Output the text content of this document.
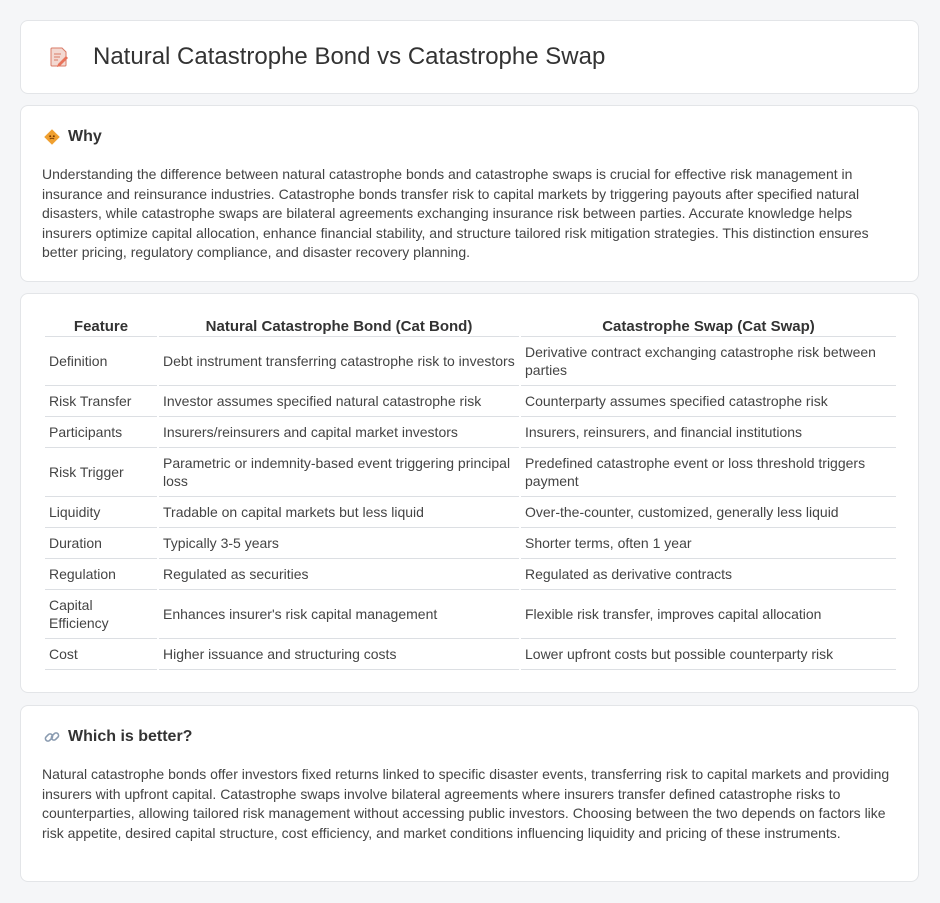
Natural Catastrophe Bond vs Catastrophe Swap
Why

Understanding the difference between natural catastrophe bonds and catastrophe swaps is crucial for effective risk management in insurance and reinsurance industries. Catastrophe bonds transfer risk to capital markets by triggering payouts after specified natural disasters, while catastrophe swaps are bilateral agreements exchanging insurance risk between parties. Accurate knowledge helps insurers optimize capital allocation, enhance financial stability, and structure tailored risk mitigation strategies. This distinction ensures better pricing, regulatory compliance, and disaster recovery planning.

Feature	Natural Catastrophe Bond (Cat Bond)	Catastrophe Swap (Cat Swap)
Definition	Debt instrument transferring catastrophe risk to investors	Derivative contract exchanging catastrophe risk between parties
Risk Transfer	Investor assumes specified natural catastrophe risk	Counterparty assumes specified catastrophe risk
Participants	Insurers/reinsurers and capital market investors	Insurers, reinsurers, and financial institutions
Risk Trigger	Parametric or indemnity-based event triggering principal loss	Predefined catastrophe event or loss threshold triggers payment
Liquidity	Tradable on capital markets but less liquid	Over-the-counter, customized, generally less liquid
Duration	Typically 3-5 years	Shorter terms, often 1 year
Regulation	Regulated as securities	Regulated as derivative contracts
Capital Efficiency	Enhances insurer's risk capital management	Flexible risk transfer, improves capital allocation
Cost	Higher issuance and structuring costs	Lower upfront costs but possible counterparty risk
Which is better?

Natural catastrophe bonds offer investors fixed returns linked to specific disaster events, transferring risk to capital markets and providing insurers with upfront capital. Catastrophe swaps involve bilateral agreements where insurers transfer defined catastrophe risks to counterparties, allowing tailored risk management without accessing public investors. Choosing between the two depends on factors like risk appetite, desired capital structure, cost efficiency, and market conditions influencing liquidity and pricing of these instruments.
